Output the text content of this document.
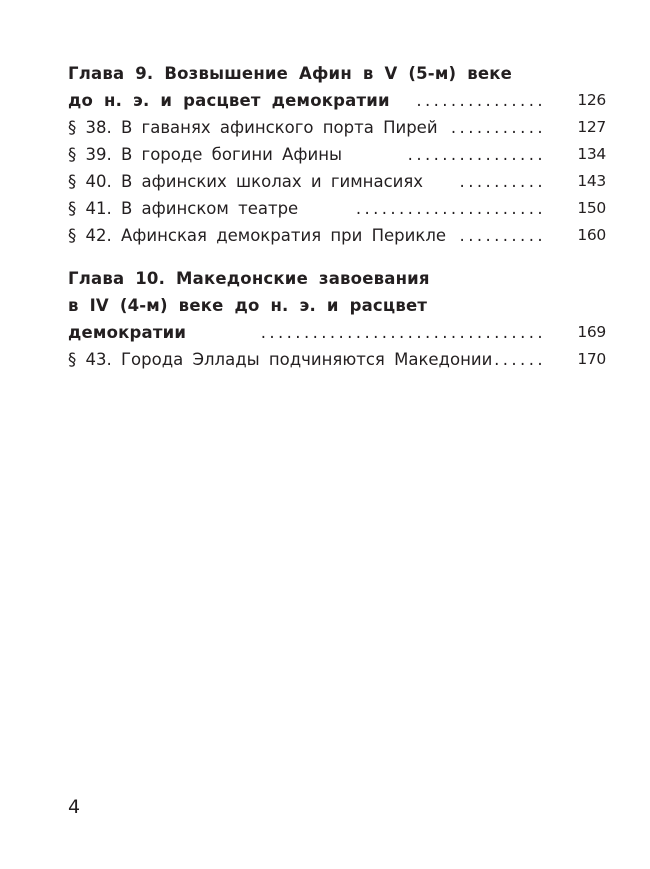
Глава 9. Возвышение Афин в V (5-м) веке
до н. э. и расцвет демократии ............... 126
§ 38. В гаванях афинского порта Пирей ........... 127
§ 39. В городе богини Афины	................ 134
§ 40. В афинских школах и гимнасиях .......... 143
§ 41. В афинском театре	...................... 150
§ 42. Афинская демократия при Перикле .......... 160
Глава 10. Македонские завоевания
в IV (4-м) веке до н. э. и расцвет
демократии	................................. 169
§ 43. Города Эллады подчиняются Македонии ...... 170
4
